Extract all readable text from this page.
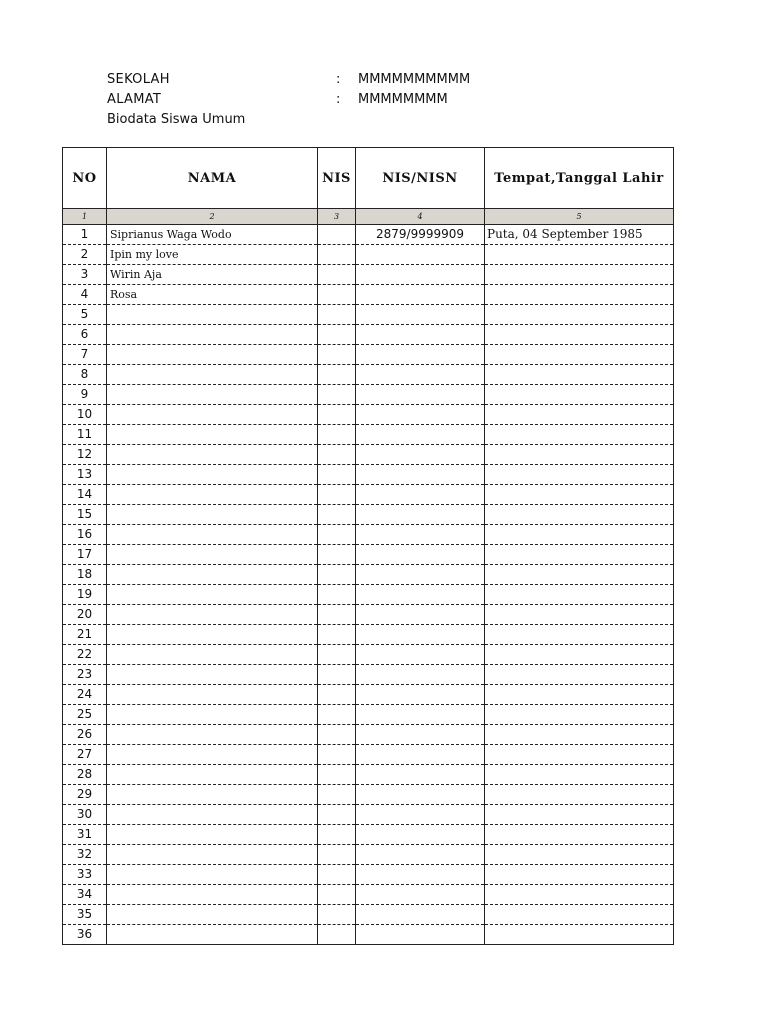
SEKOLAH	: MMMMMMMMMM
ALAMAT	: MMMMMMMM
Biodata Siswa Umum
NO	NAMA	NIS	NIS/NISN	Tempat,Tanggal Lahir
1	2	3	4	5
1	Siprianus Waga Wodo		2879/9999909	Puta, 04 September 1985
2	Ipin my love			
3	Wirin Aja			
4	Rosa			
5				
6				
7				
8				
9				
10				
11				
12				
13				
14				
15				
16				
17				
18				
19				
20				
21				
22				
23				
24				
25				
26				
27				
28				
29				
30				
31				
32				
33				
34				
35				
36				
